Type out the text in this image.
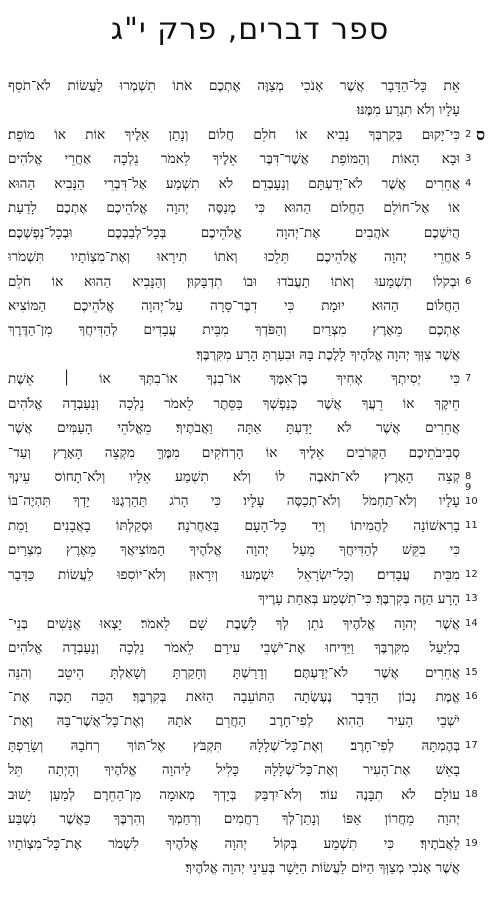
ספר דברים, פרק י"ג
אֵת כָּל־הַדָּבָר אֲשֶׁר אָנֹכִי מְצַוֶּה אֶתְכֶם אֹתוֹ תִשְׁמְרוּ לַעֲשׂוֹת לֹא־תֹסֵף
עָלָיו וְלֹא תִגְרַע מִמֶּנּוּ׃
כִּי־יָקוּם בְּקִרְבְּךָ נָבִיא אוֹ חֹלֵם חֲלוֹם וְנָתַן אֵלֶיךָ אוֹת אוֹ מוֹפֵת׃
וּבָא הָאוֹת וְהַמּוֹפֵת אֲשֶׁר־דִּבֶּר אֵלֶיךָ לֵאמֹר נֵלְכָה אַחֲרֵי אֱלֹהִים
אֲחֵרִים אֲשֶׁר לֹא־יְדַעְתָּם וְנָעָבְדֵם׃ לֹא תִשְׁמַע אֶל־דִּבְרֵי הַנָּבִיא הַהוּא
אוֹ אֶל־חוֹלֵם הַחֲלוֹם הַהוּא כִּי מְנַסֶּה יְהוָה אֱלֹהֵיכֶם אֶתְכֶם לָדַעַת
הֲיִשְׁכֶם אֹהֲבִים אֶת־יְהוָה אֱלֹהֵיכֶם בְּכָל־לְבַבְכֶם וּבְכָל־נַפְשְׁכֶם׃
אַחֲרֵי יְהוָה אֱלֹהֵיכֶם תֵּלֵכוּ וְאֹתוֹ תִירָאוּ וְאֶת־מִצְוֹתָיו תִּשְׁמֹרוּ
וּבְקֹלוֹ תִשְׁמָעוּ וְאֹתוֹ תַעֲבֹדוּ וּבוֹ תִדְבָּקוּן׃ וְהַנָּבִיא הַהוּא אוֹ חֹלֵם
הַחֲלוֹם הַהוּא יוּמָת כִּי דִבֶּר־סָרָה עַל־יְהוָה אֱלֹהֵיכֶם הַמּוֹצִיא
אֶתְכֶם מֵאֶרֶץ מִצְרַיִם וְהַפֹּדְךָ מִבֵּית עֲבָדִים לְהַדִּיחֲךָ מִן־הַדֶּרֶךְ
אֲשֶׁר צִוְּךָ יְהוָה אֱלֹהֶיךָ לָלֶכֶת בָּהּ וּבִעַרְתָּ הָרָע מִקִּרְבֶּךָ׃
כִּי יְסִיתְךָ אָחִיךָ בֶן־אִמֶּךָ אוֹ־בִנְךָ אוֹ־בִתְּךָ אוֹ ׀ אֵשֶׁת
חֵיקֶךָ אוֹ רֵעֲךָ אֲשֶׁר כְּנַפְשְׁךָ בַּסֵּתֶר לֵאמֹר נֵלְכָה וְנַעַבְדָה אֱלֹהִים
אֲחֵרִים אֲשֶׁר לֹא יָדַעְתָּ אַתָּה וַאֲבֹתֶיךָ׃ מֵאֱלֹהֵי הָעַמִּים אֲשֶׁר
סְבִיבֹתֵיכֶם הַקְּרֹבִים אֵלֶיךָ אוֹ הָרְחֹקִים מִמֶּךָּ מִקְצֵה הָאָרֶץ וְעַד־
קְצֵה הָאָרֶץ׃ לֹא־תֹאבֶה לוֹ וְלֹא תִשְׁמַע אֵלָיו וְלֹא־תָחוֹס עֵינְךָ
עָלָיו וְלֹא־תַחְמֹל וְלֹא־תְכַסֶּה עָלָיו׃ כִּי הָרֹג תַּהַרְגֶנּוּ יָדְךָ תִּהְיֶה־בּוֹ
בָרִאשׁוֹנָה לַהֲמִיתוֹ וְיַד כָּל־הָעָם בָּאַחֲרֹנָה׃ וּסְקַלְתּוֹ בָאֲבָנִים וָמֵת
כִּי בִקֵּשׁ לְהַדִּיחֲךָ מֵעַל יְהוָה אֱלֹהֶיךָ הַמּוֹצִיאֲךָ מֵאֶרֶץ מִצְרַיִם
מִבֵּית עֲבָדִים׃ וְכָל־יִשְׂרָאֵל יִשְׁמְעוּ וְיִרָאוּן וְלֹא־יוֹסִפוּ לַעֲשׂוֹת כַּדָּבָר
הָרָע הַזֶּה בְּקִרְבֶּךָ׃ כִּי־תִשְׁמַע בְּאַחַת עָרֶיךָ
אֲשֶׁר יְהוָה אֱלֹהֶיךָ נֹתֵן לְךָ לָשֶׁבֶת שָׁם לֵאמֹר׃ יָצְאוּ אֲנָשִׁים בְּנֵי־
בְלִיַּעַל מִקִּרְבֶּךָ וַיַּדִּיחוּ אֶת־יֹשְׁבֵי עִירָם לֵאמֹר נֵלְכָה וְנַעַבְדָה אֱלֹהִים
אֲחֵרִים אֲשֶׁר לֹא־יְדַעְתֶּם׃ וְדָרַשְׁתָּ וְחָקַרְתָּ וְשָׁאַלְתָּ הֵיטֵב וְהִנֵּה
אֱמֶת נָכוֹן הַדָּבָר נֶעֶשְׂתָה הַתּוֹעֵבָה הַזֹּאת בְּקִרְבֶּךָ׃ הַכֵּה תַכֶּה אֶת־
יֹשְׁבֵי הָעִיר הַהִוא לְפִי־חָרֶב הַחֲרֵם אֹתָהּ וְאֶת־כָּל־אֲשֶׁר־בָּהּ וְאֶת־
בְּהֶמְתָּהּ לְפִי־חָרֶב׃ וְאֶת־כָּל־שְׁלָלָהּ תִּקְבֹּץ אֶל־תּוֹךְ רְחֹבָהּ וְשָׂרַפְתָּ
בָאֵשׁ אֶת־הָעִיר וְאֶת־כָּל־שְׁלָלָהּ כָּלִיל לַיהוָה אֱלֹהֶיךָ וְהָיְתָה תֵּל
עוֹלָם לֹא תִבָּנֶה עוֹד׃ וְלֹא־יִדְבַּק בְּיָדְךָ מְאוּמָה מִן־הַחֵרֶם לְמַעַן יָשׁוּב
יְהוָה מֵחֲרוֹן אַפּוֹ וְנָתַן־לְךָ רַחֲמִים וְרִחַמְךָ וְהִרְבֶּךָ כַּאֲשֶׁר נִשְׁבַּע
לַאֲבֹתֶיךָ׃ כִּי תִשְׁמַע בְּקוֹל יְהוָה אֱלֹהֶיךָ לִשְׁמֹר אֶת־כָּל־מִצְוֹתָיו
אֲשֶׁר אָנֹכִי מְצַוְּךָ הַיּוֹם לַעֲשׂוֹת הַיָּשָׁר בְּעֵינֵי יְהוָה אֱלֹהֶיךָ׃
2
3
4
5
6
7
8
9
10
11
12
13
14
15
16
17
18
19
ס
